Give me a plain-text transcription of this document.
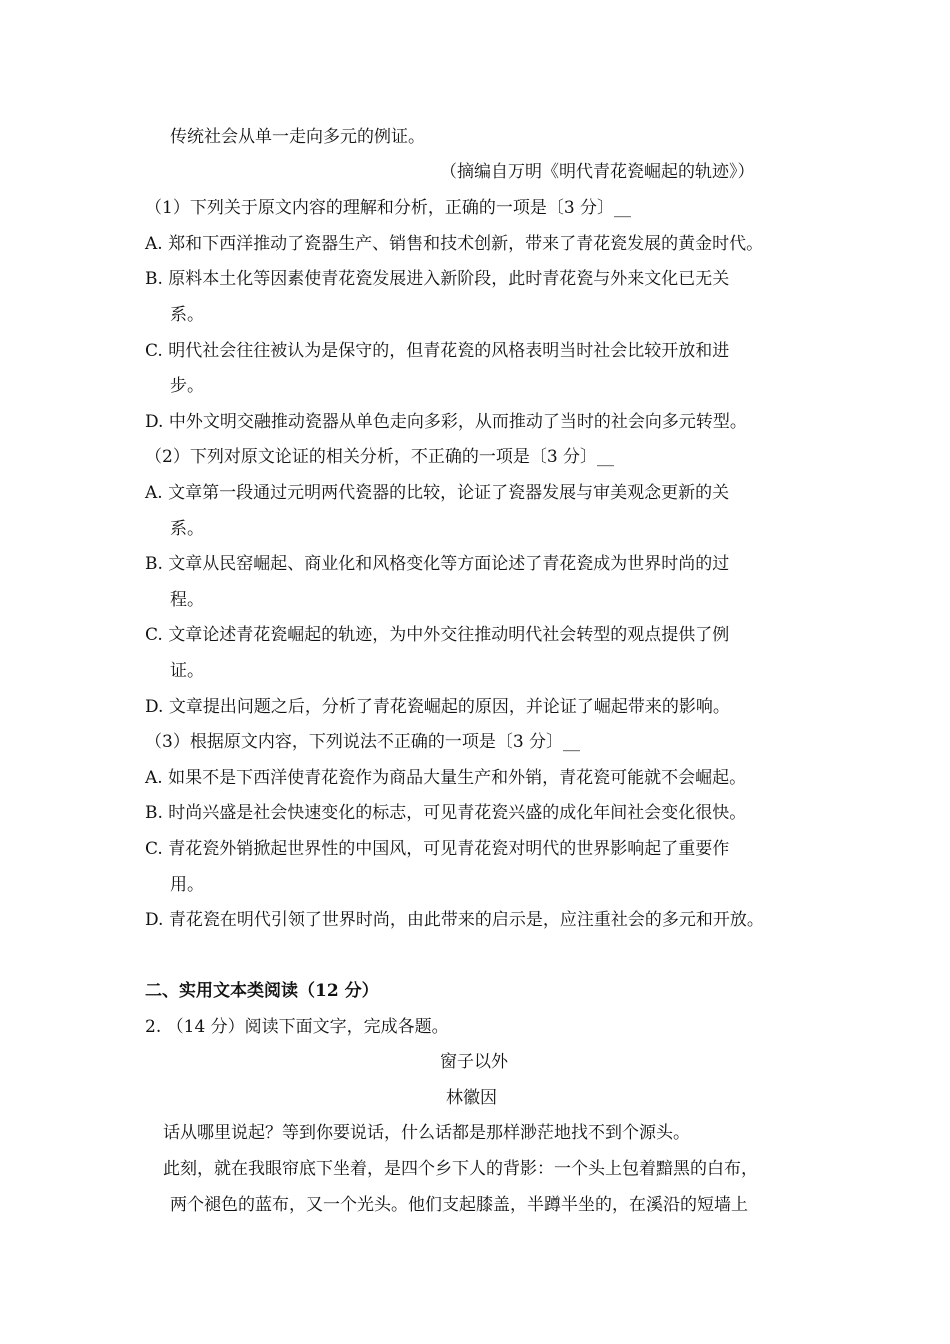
传统社会从单一走向多元的例证。
（摘编自万明《明代青花瓷崛起的轨迹》）
（1）下列关于原文内容的理解和分析，正确的一项是〔3 分〕__
A. 郑和下西洋推动了瓷器生产、销售和技术创新，带来了青花瓷发展的黄金时代。
B. 原料本土化等因素使青花瓷发展进入新阶段，此时青花瓷与外来文化已无关
系。
C. 明代社会往往被认为是保守的，但青花瓷的风格表明当时社会比较开放和进
步。
D. 中外文明交融推动瓷器从单色走向多彩，从而推动了当时的社会向多元转型。
（2）下列对原文论证的相关分析，不正确的一项是〔3 分〕__
A. 文章第一段通过元明两代瓷器的比较，论证了瓷器发展与审美观念更新的关
系。
B. 文章从民窑崛起、商业化和风格变化等方面论述了青花瓷成为世界时尚的过
程。
C. 文章论述青花瓷崛起的轨迹，为中外交往推动明代社会转型的观点提供了例
证。
D. 文章提出问题之后，分析了青花瓷崛起的原因，并论证了崛起带来的影响。
（3）根据原文内容，下列说法不正确的一项是〔3 分〕__
A. 如果不是下西洋使青花瓷作为商品大量生产和外销，青花瓷可能就不会崛起。
B. 时尚兴盛是社会快速变化的标志，可见青花瓷兴盛的成化年间社会变化很快。
C. 青花瓷外销掀起世界性的中国风，可见青花瓷对明代的世界影响起了重要作
用。
D. 青花瓷在明代引领了世界时尚，由此带来的启示是，应注重社会的多元和开放。
二、实用文本类阅读（12 分）
2. （14 分）阅读下面文字，完成各题。
窗子以外
林徽因
话从哪里说起？等到你要说话，什么话都是那样渺茫地找不到个源头。
此刻，就在我眼帘底下坐着，是四个乡下人的背影：一个头上包着黯黑的白布，
两个褪色的蓝布，又一个光头。他们支起膝盖，半蹲半坐的，在溪沿的短墙上
